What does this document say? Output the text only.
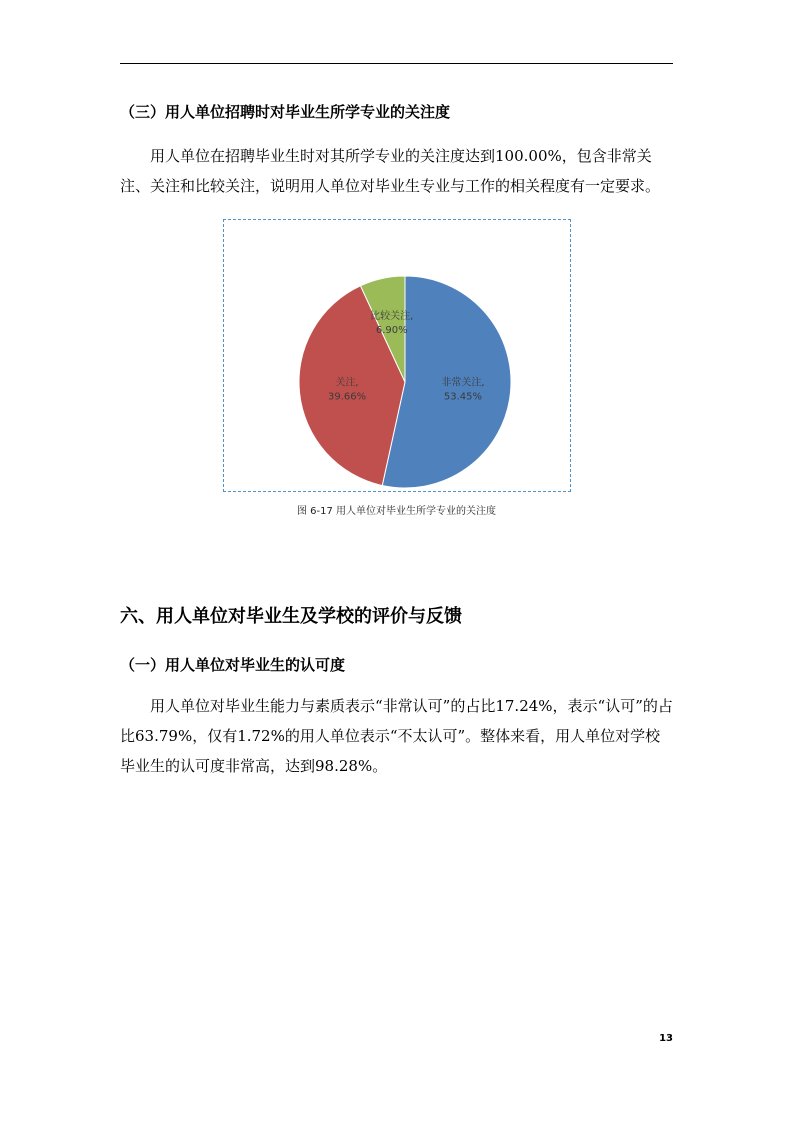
（三）用人单位招聘时对毕业生所学专业的关注度
用人单位在招聘毕业生时对其所学专业的关注度达到100.00%，包含非常关注、关注和比较关注，说明用人单位对毕业生专业与工作的相关程度有一定要求。
非常关注,
53.45%
关注,
39.66%
比较关注,
6.90%
图 6-17 用人单位对毕业生所学专业的关注度
六、用人单位对毕业生及学校的评价与反馈
（一）用人单位对毕业生的认可度
用人单位对毕业生能力与素质表示“非常认可”的占比17.24%，表示“认可”的占比63.79%，仅有1.72%的用人单位表示“不太认可”。整体来看，用人单位对学校毕业生的认可度非常高，达到98.28%。
13
